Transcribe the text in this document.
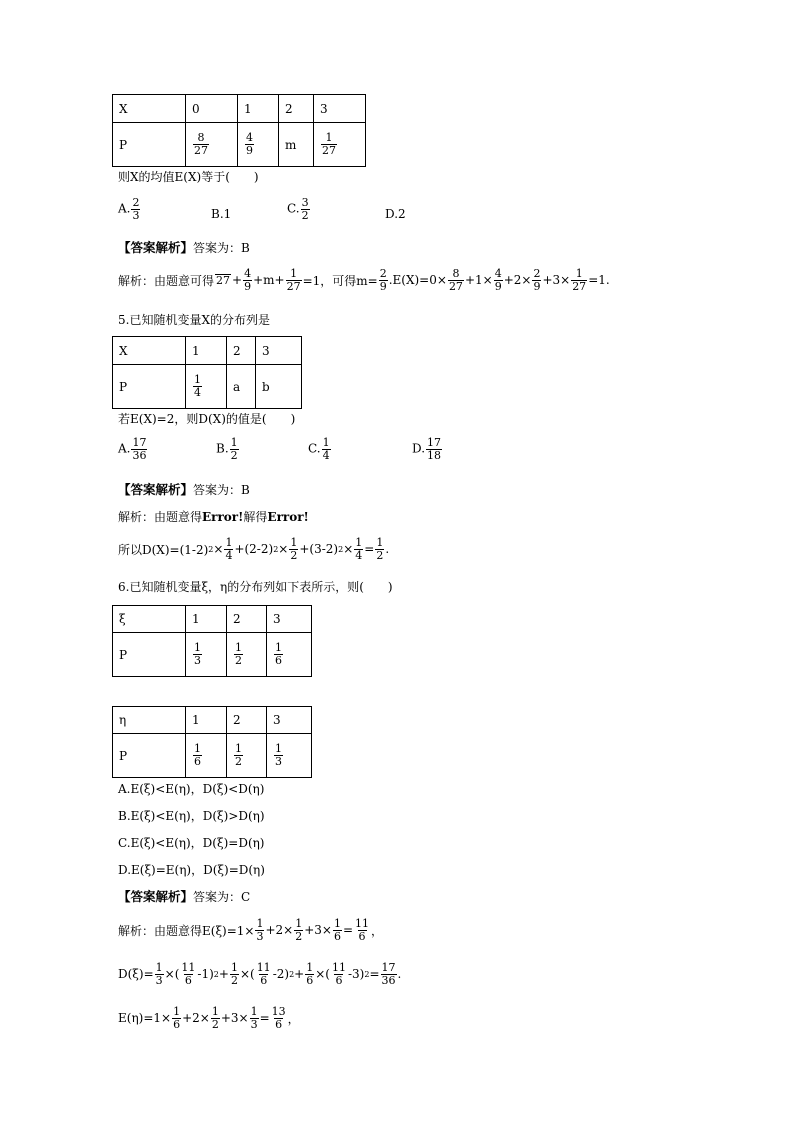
X	0	1	2	3
P	$\frac{8}{27}$	$\frac{4}{9}$	m	$\frac{1}{27}$
则X的均值E(X)等于(　　)
A. $\frac{2}{3}$	B.1	C. $\frac{3}{2}$	D.2
【答案解析】答案为：B
解析：由题意可得 $27 + \frac{4}{9} +m+ \frac{1}{27} =1$，可得$m= \frac{2}{9} .E(X)=0\times \frac{8}{27} +1\times \frac{4}{9} +2\times \frac{2}{9} +3\times \frac{1}{27} =1$.
5.已知随机变量X的分布列是
X	1	2	3
P	$\frac{1}{4}$	a	b
若E(X)=2，则D(X)的值是(　　)
A. $\frac{17}{36}$	B. $\frac{1}{2}$	C. $\frac{1}{4}$	D. $\frac{17}{18}$
【答案解析】答案为：B
解析：由题意得Error!解得Error!
所以D(X)=(1-2) $2 \times \frac{1}{4} +(2-2) 2 \times \frac{1}{2} +(3-2) 2 \times \frac{1}{4} = \frac{1}{2}$ .
6.已知随机变量ξ，η的分布列如下表所示，则(　　)
ξ	1	2	3
P	$\frac{1}{3}$	$\frac{1}{2}$	$\frac{1}{6}$
η	1	2	3
P	$\frac{1}{6}$	$\frac{1}{2}$	$\frac{1}{3}$
A.E(ξ)<E(η)，D(ξ)<D(η)
B.E(ξ)<E(η)，D(ξ)>D(η)
C.E(ξ)<E(η)，D(ξ)=D(η)
D.E(ξ)=E(η)，D(ξ)=D(η)
【答案解析】答案为：C
解析：由题意得$E(\xi)=1\times \frac{1}{3} +2\times \frac{1}{2} +3\times \frac{1}{6} = \frac{11}{6}$ ，
$D(\xi)= \frac{1}{3}$ ×( $\frac{11}{6} -1$) $2 + \frac{1}{2}$ ×( $\frac{11}{6} -2$) $2 + \frac{1}{6}$ ×( $\frac{11}{6} -3$) $2 = \frac{17}{36}$ .
$E(\eta)=1\times \frac{1}{6} +2\times \frac{1}{2} +3\times \frac{1}{3} = \frac{13}{6}$ ，
